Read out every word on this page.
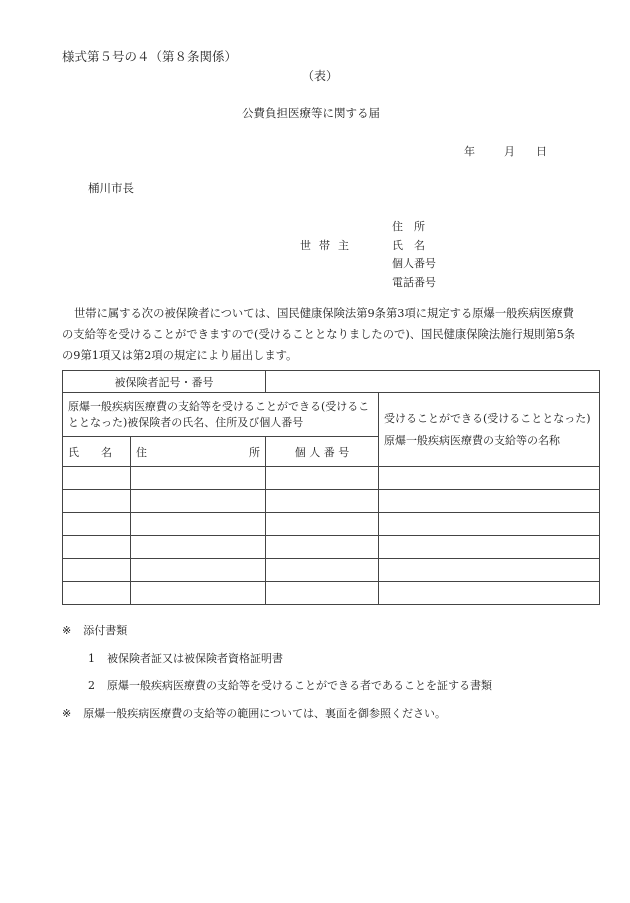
様式第５号の４（第８条関係）
（表）
公費負担医療等に関する届
年	月 日
桶川市長
世帯主
住　所
氏　名
個人番号
電話番号
世帯に属する次の被保険者については、国民健康保険法第9条第3項に規定する原爆一般疾病医療費の支給等を受けることができますので(受けることとなりましたので)、国民健康保険法施行規則第5条の9第1項又は第2項の規定により届出します。
被保険者記号・番号			
原爆一般疾病医療費の支給等を受けることができる(受けることとなった)被保険者の氏名、住所及び個人番号			受けることができる(受けることとなった)原爆一般疾病医療費の支給等の名称
氏　　名	住 所	個 人 番 号	

※ 添付書類
1 被保険者証又は被保険者資格証明書
2 原爆一般疾病医療費の支給等を受けることができる者であることを証する書類
※ 原爆一般疾病医療費の支給等の範囲については、裏面を御参照ください。
